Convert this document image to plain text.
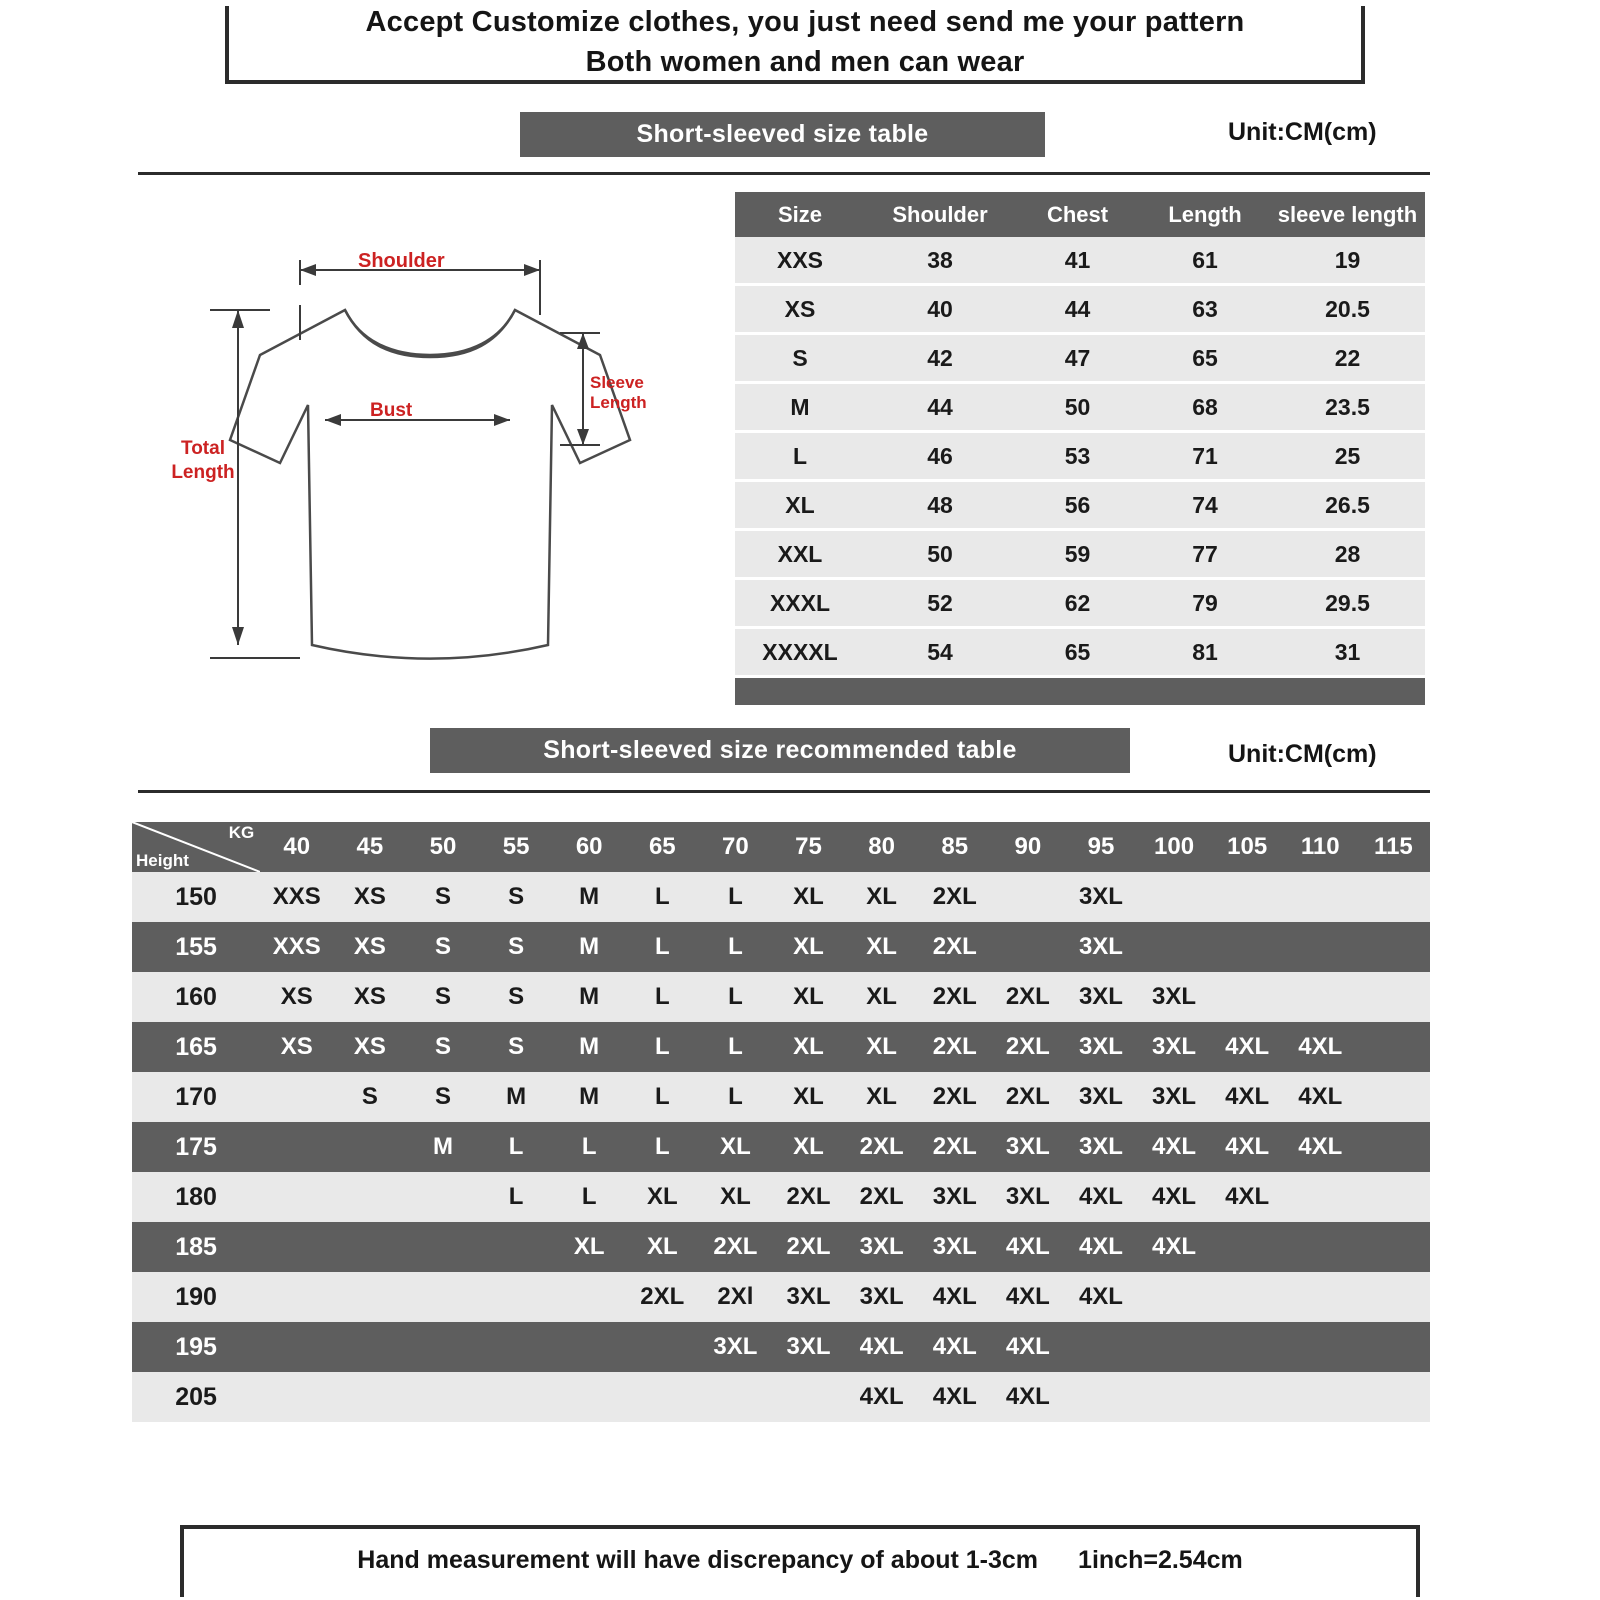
Accept Customize clothes, you just need send me your pattern
Both women and men can wear
Short-sleeved size table	Unit:CM(cm)
Shoulder
Bust
Sleeve
Length
Total
Length
Size	Shoulder	Chest	Length	sleeve length
XXS	38	41	61	19
XS	40	44	63	20.5
S	42	47	65	22
M	44	50	68	23.5
L	46	53	71	25
XL	48	56	74	26.5
XXL	50	59	77	28
XXXL	52	62	79	29.5
XXXXL	54	65	81	31

Short-sleeved size recommended table	Unit:CM(cm)
KG
Height	40	45	50	55	60	65	70	75	80	85	90	95	100	105	110	115
150	XXS	XS	S	S	M	L	L	XL	XL	2XL		3XL				
155	XXS	XS	S	S	M	L	L	XL	XL	2XL		3XL				
160	XS	XS	S	S	M	L	L	XL	XL	2XL	2XL	3XL	3XL			
165	XS	XS	S	S	M	L	L	XL	XL	2XL	2XL	3XL	3XL	4XL	4XL	
170		S	S	M	M	L	L	XL	XL	2XL	2XL	3XL	3XL	4XL	4XL	
175			M	L	L	L	XL	XL	2XL	2XL	3XL	3XL	4XL	4XL	4XL	
180				L	L	XL	XL	2XL	2XL	3XL	3XL	4XL	4XL	4XL		
185					XL	XL	2XL	2XL	3XL	3XL	4XL	4XL	4XL			
190						2XL	2Xl	3XL	3XL	4XL	4XL	4XL				
195							3XL	3XL	4XL	4XL	4XL					
205									4XL	4XL	4XL					
Hand measurement will have discrepancy of about 1-3cm 1inch=2.54cm
